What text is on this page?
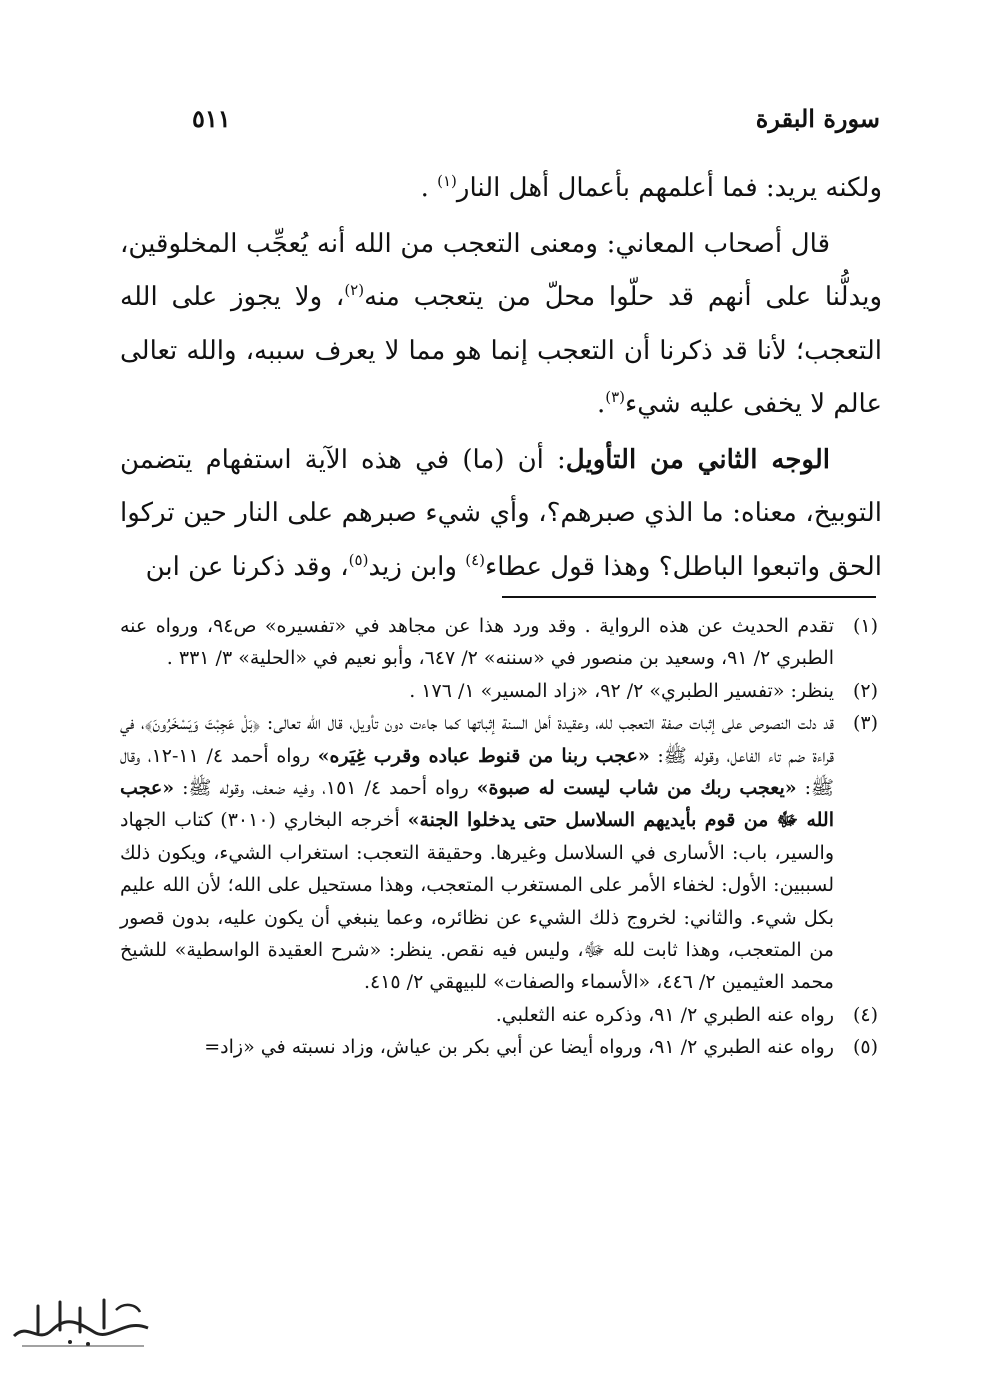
سورة البقرة
٥١١

ولكنه يريد: فما أعلمهم بأعمال أهل النار$^{(١)}$ .

قال أصحاب المعاني: ومعنى التعجب من الله أنه يُعجِّب المخلوقين، ويدلُّنا على أنهم قد حلّوا محلّ من يتعجب منه$^{(٢)}$، ولا يجوز على الله التعجب؛ لأنا قد ذكرنا أن التعجب إنما هو مما لا يعرف سببه، والله تعالى عالم لا يخفى عليه شيء$^{(٣)}$.

الوجه الثاني من التأويل: أن (ما) في هذه الآية استفهام يتضمن التوبيخ، معناه: ما الذي صبرهم؟، وأي شيء صبرهم على النار حين تركوا الحق واتبعوا الباطل؟ وهذا قول عطاء$^{(٤)}$ وابن زيد$^{(٥)}$، وقد ذكرنا عن ابن

(١)
تقدم الحديث عن هذه الرواية . وقد ورد هذا عن مجاهد في «تفسيره» ص٩٤، ورواه عنه الطبري ٢/ ٩١، وسعيد بن منصور في «سننه» ٢/ ٦٤٧، وأبو نعيم في «الحلية» ٣/ ٣٣١ .
(٢)
ينظر: «تفسير الطبري» ٢/ ٩٢، «زاد المسير» ١/ ١٧٦ .
(٣)
قد دلت النصوص على إثبات صفة التعجب لله، وعقيدة أهل السنة إثباتها كما جاءت دون تأويل، قال الله تعالى: ﴿بَلْ عَجِبْتَ وَيَسْخَرُونَ﴾، في قراءة ضم تاء الفاعل، وقوله ﷺ: «عجب ربنا من قنوط عباده وقرب غِيَره» رواه أحمد ٤/ ١١-١٢، وقال ﷺ: «يعجب ربك من شاب ليست له صبوة» رواه أحمد ٤/ ١٥١، وفيه ضعف، وقوله ﷺ: «عجب الله ﷻ من قوم بأيديهم السلاسل حتى يدخلوا الجنة» أخرجه البخاري (٣٠١٠) كتاب الجهاد والسير، باب: الأسارى في السلاسل وغيرها. وحقيقة التعجب: استغراب الشيء، ويكون ذلك لسببين: الأول: لخفاء الأمر على المستغرب المتعجب، وهذا مستحيل على الله؛ لأن الله عليم بكل شيء. والثاني: لخروج ذلك الشيء عن نظائره، وعما ينبغي أن يكون عليه، بدون قصور من المتعجب، وهذا ثابت لله ﷻ، وليس فيه نقص. ينظر: «شرح العقيدة الواسطية» للشيخ محمد العثيمين ٢/ ٤٤٦، «الأسماء والصفات» للبيهقي ٢/ ٤١٥.
(٤)
رواه عنه الطبري ٢/ ٩١، وذكره عنه الثعلبي.
(٥)
رواه عنه الطبري ٢/ ٩١، ورواه أيضا عن أبي بكر بن عياش، وزاد نسبته في «زاد=
